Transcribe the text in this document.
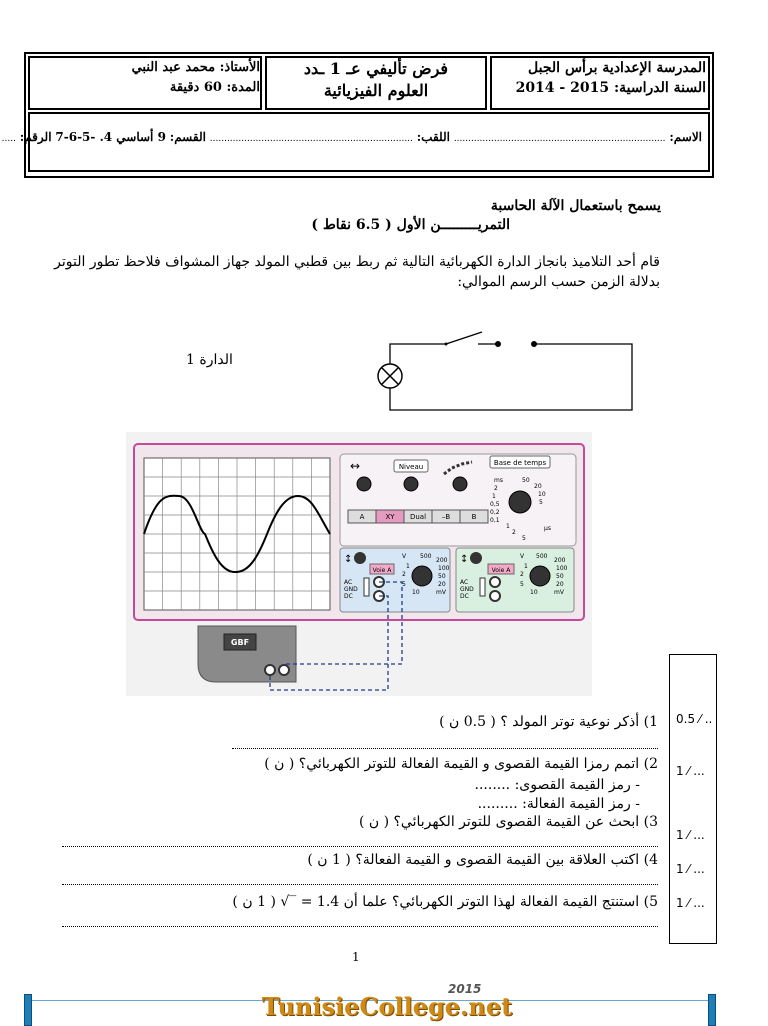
المدرسة الإعدادية برأس الجبل
السنة الدراسية: 2014 - 2015
فرض تأليفي عـ 1 ـدد
العلوم الفيزيائية
الأستاذ: محمد عبد النبي
المدة: 60 دقيقة
الاسم: .......................................................................... اللقب: ....................................................................... القسم: 9 أساسي 4. -5-6-7 الرقم: .....
يسمح باستعمال الآلة الحاسبة
التمريـــــــــن الأول ( 6.5 نقاط )
قام أحد التلاميذ بانجاز الدارة الكهربائية التالية ثم ربط بين قطبي المولد جهاز المشواف فلاحظ تطور التوتر
بدلالة الزمن حسب الرسم الموالي:
الدارة 1
↔	Niveau	Base de temps
ms
µs
50
20
10
5
2
1
0,5
0,2
0,1
1
2
5
A	XY Dual –B	B
↕
Voie A
V 500
200
100
50
20
mV
10
5
2
1
AC
GND
DC
↕
Voie A
V 500
200
100
50
20
mV
10
5
2
1
AC
GND
DC
GBF
0.5 ⁄ ..
1 ⁄ ...
1 ⁄ ...
1 ⁄ ...
1 ⁄ ...
1) أذكر نوعية توتر المولد ؟ ( 0.5 ن )
2) اتمم رمزا القيمة القصوى و القيمة الفعالة للتوتر الكهربائي؟ ( ن )
- رمز القيمة القصوى: ........
- رمز القيمة الفعالة: .........
3) ابحث عن القيمة القصوى للتوتر الكهربائي؟ ( ن )
4) اكتب العلاقة بين القيمة القصوى و القيمة الفعالة؟ ( 1 ن )
5) استنتج القيمة الفعالة لهذا التوتر الكهربائي؟ علما أن 1.4 = ‾√ ( 1 ن )
1
2015
TunisieCollege.net
